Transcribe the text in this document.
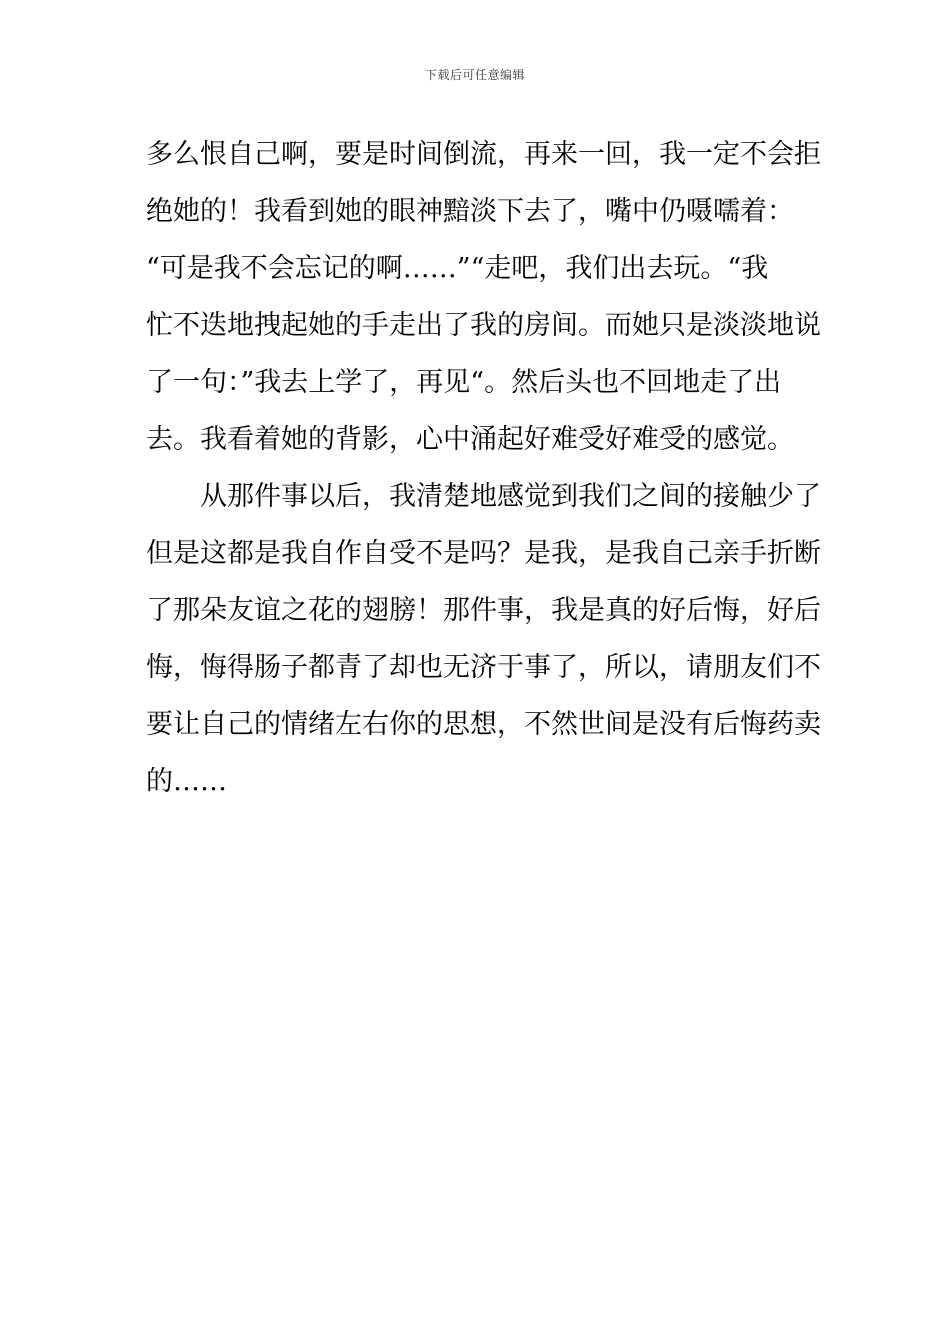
下载后可任意编辑
多么恨自己啊，要是时间倒流，再来一回，我一定不会拒
绝她的！我看到她的眼神黯淡下去了，嘴中仍嗫嚅着：
“可是我不会忘记的啊……”“走吧，我们出去玩。“我
忙不迭地拽起她的手走出了我的房间。而她只是淡淡地说
了一句：”我去上学了，再见“。然后头也不回地走了出
去。我看着她的背影，心中涌起好难受好难受的感觉。
从那件事以后，我清楚地感觉到我们之间的接触少了
但是这都是我自作自受不是吗？是我，是我自己亲手折断
了那朵友谊之花的翅膀！那件事，我是真的好后悔，好后
悔，悔得肠子都青了却也无济于事了，所以，请朋友们不
要让自己的情绪左右你的思想，不然世间是没有后悔药卖
的……
